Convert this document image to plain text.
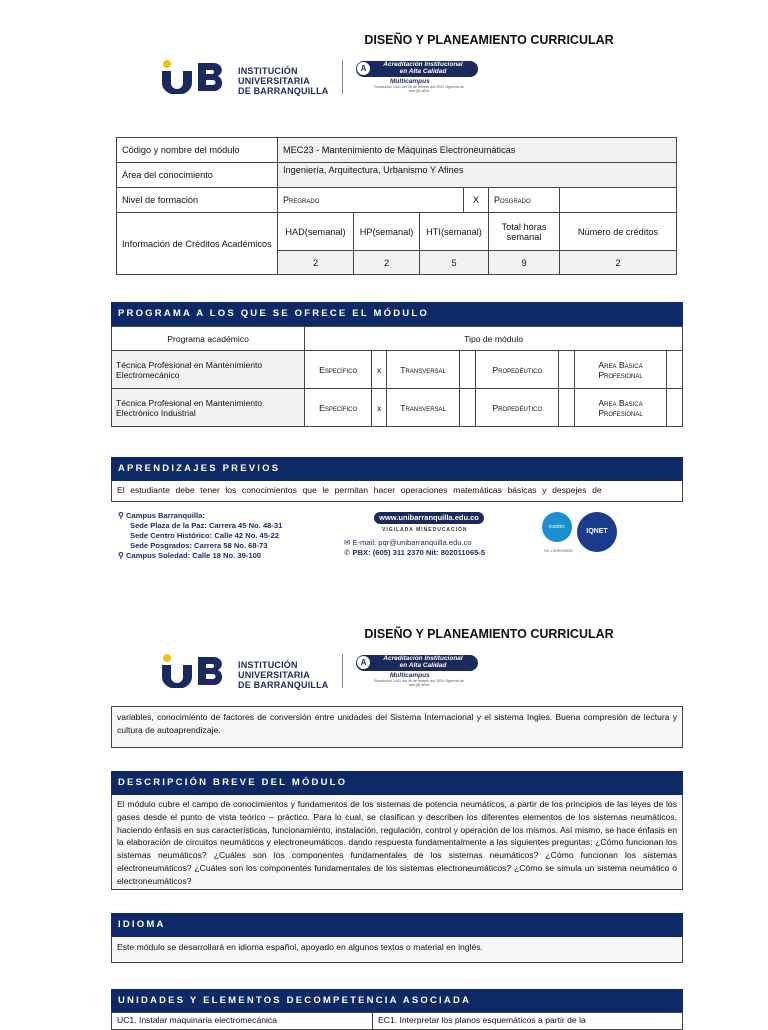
DISEÑO Y PLANEAMIENTO CURRICULAR
INSTITUCIÓN
UNIVERSITARIA
DE BARRANQUILLA
A	Acreditación Institucional
en Alta Calidad
Multicampus
Resolución 1441 del 08 de febrero del 2024 Vigencia de seis (6) años
Código y nombre del módulo	MEC23 - Mantenimiento de Máquinas Electroneumáticas					
Área del conocimiento	Ingeniería, Arquitectura, Urbanismo Y Afines					
Nivel de formación	Pregrado			X	Posgrado	
Información de Créditos Académicos	HAD(semanal)	HP(semanal)	HTI(semanal)		Total horas semanal	Número de créditos
	2	2	5		9	2
PROGRAMA A LOS QUE SE OFRECE EL MÓDULO
Programa académico	Tipo de módulo							
Técnica Profesional en Mantenimiento Electromecánico	Específico	x	Transversal		Propedéutico		Area Basica Profesional	
Técnica Profesional en Mantenimiento Electrónico Industrial	Específico	x	Transversal		Propedéutico		Area Basica Profesional	
APRENDIZAJES PREVIOS
El estudiante debe tener los conocimientos que le permitan hacer operaciones matemáticas básicas y despejes de
⚲ Campus Barranquilla:
Sede Plaza de la Paz: Carrera 45 No. 48-31
Sede Centro Histórico: Calle 42 No. 45-22
Sede Posgrados: Carrera 58 No. 68-73
⚲ Campus Soledad: Calle 18 No. 39-100
www.unibarranquilla.edu.co
VIGILADA MINEDUCACIÓN
✉ E-mail: pqr@unibarranquilla.edu.co
✆ PBX: (605) 311 2370 Nit: 802011065-5
icontec
IQNET
SC-CER000000
DISEÑO Y PLANEAMIENTO CURRICULAR
INSTITUCIÓN
UNIVERSITARIA
DE BARRANQUILLA
A	Acreditación Institucional
en Alta Calidad
Multicampus
Resolución 1441 del 08 de febrero del 2024 Vigencia de seis (6) años
variables, conocimiento de factores de conversión entre unidades del Sistema Internacional y el sistema Ingles. Buena compresión de lectura y cultura de autoaprendizaje.
DESCRIPCIÓN BREVE DEL MÓDULO
El módulo cubre el campo de conocimientos y fundamentos de los sistemas de potencia neumáticos, a partir de los principios de las leyes de los gases desde el punto de vista teórico – práctico. Para lo cual, se clasifican y describen los diferentes elementos de los sistemas neumáticos, haciendo énfasis en sus características, funcionamiento, instalación, regulación, control y operación de los mismos. Así mismo, se hace énfasis en la elaboración de circuitos neumáticos y electroneumáticos. dando respuesta fundamentalmente a las siguientes preguntas: ¿Cómo funcionan los sistemas neumáticos? ¿Cuáles son los componentes fundamentales de los sistemas neumáticos? ¿Cómo funcionan los sistemas electroneumáticos? ¿Cuáles son los componentes fundamentales de los sistemas electroneumáticos? ¿Cómo se simula un sistema neumático o electroneumáticos?
IDIOMA
Este módulo se desarrollará en idioma español, apoyado en algunos textos o material en inglés.
UNIDADES Y ELEMENTOS DECOMPETENCIA ASOCIADA
UC1. Instalar maquinaria electromecánica	EC1. Interpretar los planos esquemáticos a partir de la
